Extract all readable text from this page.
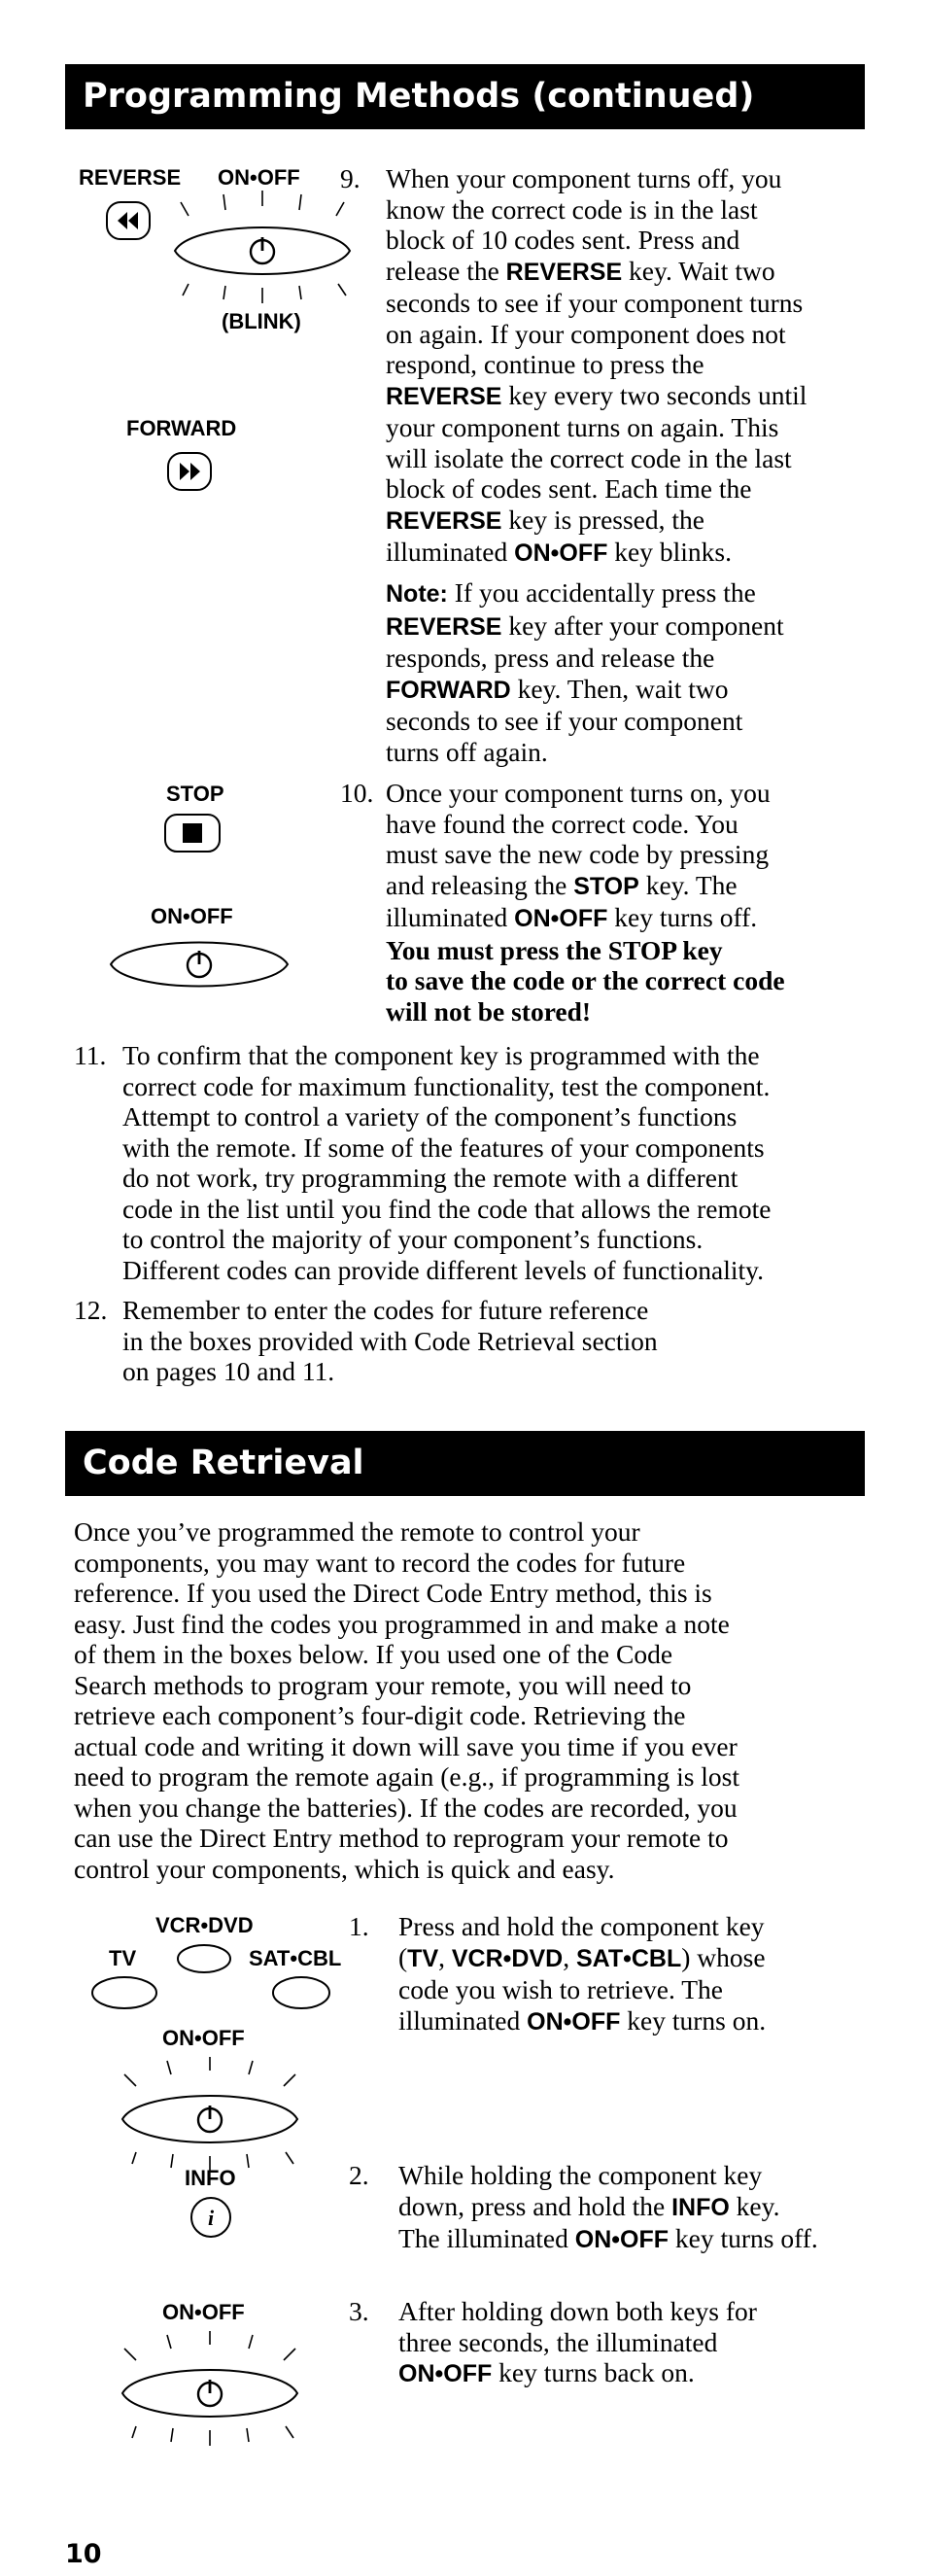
Programming Methods (continued)
REVERSE ON•OFF
(BLINK)
FORWARD
9. When your component turns off, you

know the correct code is in the last

block of 10 codes sent. Press and

release the REVERSE key. Wait two

seconds to see if your component turns

on again. If your component does not

respond, continue to press the

REVERSE key every two seconds until

your component turns on again. This

will isolate the correct code in the last

block of codes sent. Each time the

REVERSE key is pressed, the

illuminated ON•OFF key blinks.

Note: If you accidentally press the

REVERSE key after your component

responds, press and release the

FORWARD key. Then, wait two

seconds to see if your component

turns off again.

STOP
ON•OFF
10. Once your component turns on, you

have found the correct code. You

must save the new code by pressing

and releasing the STOP key. The

illuminated ON•OFF key turns off.

You must press the STOP key

to save the code or the correct code

will not be stored!

11. To confirm that the component key is programmed with the

correct code for maximum functionality, test the component.

Attempt to control a variety of the component’s functions

with the remote. If some of the features of your components

do not work, try programming the remote with a different

code in the list until you find the code that allows the remote

to control the majority of your component’s functions.

Different codes can provide different levels of functionality.

12. Remember to enter the codes for future reference

in the boxes provided with Code Retrieval section

on pages 10 and 11.

Code Retrieval

Once you’ve programmed the remote to control your

components, you may want to record the codes for future

reference. If you used the Direct Code Entry method, this is

easy. Just find the codes you programmed in and make a note

of them in the boxes below. If you used one of the Code

Search methods to program your remote, you will need to

retrieve each component’s four-digit code. Retrieving the

actual code and writing it down will save you time if you ever

need to program the remote again (e.g., if programming is lost

when you change the batteries). If the codes are recorded, you

can use the Direct Entry method to reprogram your remote to

control your components, which is quick and easy.

VCR•DVD
TV	SAT•CBL
ON•OFF
1. Press and hold the component key

(TV, VCR•DVD, SAT•CBL) whose

code you wish to retrieve. The

illuminated ON•OFF key turns on.

INFO
i
2. While holding the component key

down, press and hold the INFO key.

The illuminated ON•OFF key turns off.

ON•OFF	3. After holding down both keys for

three seconds, the illuminated

ON•OFF key turns back on.

10
